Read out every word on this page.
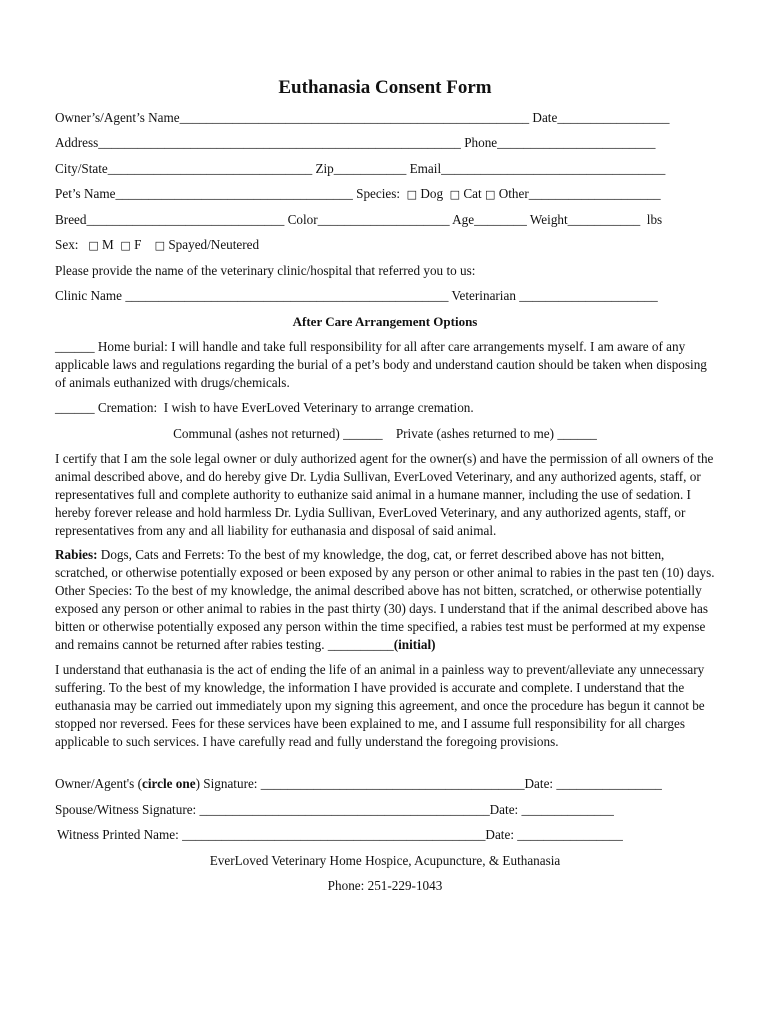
Euthanasia Consent Form
Owner’s/Agent’s Name_____________________________________________________ Date_________________
Address_______________________________________________________ Phone________________________
City/State_______________________________ Zip___________ Email__________________________________
Pet’s Name____________________________________ Species: □ Dog □ Cat □ Other____________________
Breed______________________________ Color____________________ Age________ Weight___________ lbs
Sex: □ M □ F □ Spayed/Neutered
Please provide the name of the veterinary clinic/hospital that referred you to us:
Clinic Name _________________________________________________ Veterinarian _____________________
After Care Arrangement Options
______ Home burial: I will handle and take full responsibility for all after care arrangements myself. I am aware of any applicable laws and regulations regarding the burial of a pet’s body and understand caution should be taken when disposing of animals euthanized with drugs/chemicals.
______ Cremation:  I wish to have EverLoved Veterinary to arrange cremation.
Communal (ashes not returned) ______ Private (ashes returned to me) ______
I certify that I am the sole legal owner or duly authorized agent for the owner(s) and have the permission of all owners of the animal described above, and do hereby give Dr. Lydia Sullivan, EverLoved Veterinary, and any authorized agents, staff, or representatives full and complete authority to euthanize said animal in a humane manner, including the use of sedation. I hereby forever release and hold harmless Dr. Lydia Sullivan, EverLoved Veterinary, and any authorized agents, staff, or representatives from any and all liability for euthanasia and disposal of said animal.
Rabies: Dogs, Cats and Ferrets: To the best of my knowledge, the dog, cat, or ferret described above has not bitten, scratched, or otherwise potentially exposed or been exposed by any person or other animal to rabies in the past ten (10) days. Other Species: To the best of my knowledge, the animal described above has not bitten, scratched, or otherwise potentially exposed any person or other animal to rabies in the past thirty (30) days. I understand that if the animal described above has bitten or otherwise potentially exposed any person within the time specified, a rabies test must be performed at my expense and remains cannot be returned after rabies testing. __________(initial)
I understand that euthanasia is the act of ending the life of an animal in a painless way to prevent/alleviate any unnecessary suffering. To the best of my knowledge, the information I have provided is accurate and complete. I understand that the euthanasia may be carried out immediately upon my signing this agreement, and once the procedure has begun it cannot be stopped nor reversed. Fees for these services have been explained to me, and I assume full responsibility for all charges applicable to such services. I have carefully read and fully understand the foregoing provisions.
Owner/Agent's (circle one) Signature: ________________________________________Date: ________________
Spouse/Witness Signature: ____________________________________________Date: ______________
Witness Printed Name: ______________________________________________Date: ________________
EverLoved Veterinary Home Hospice, Acupuncture, & Euthanasia
Phone: 251-229-1043
